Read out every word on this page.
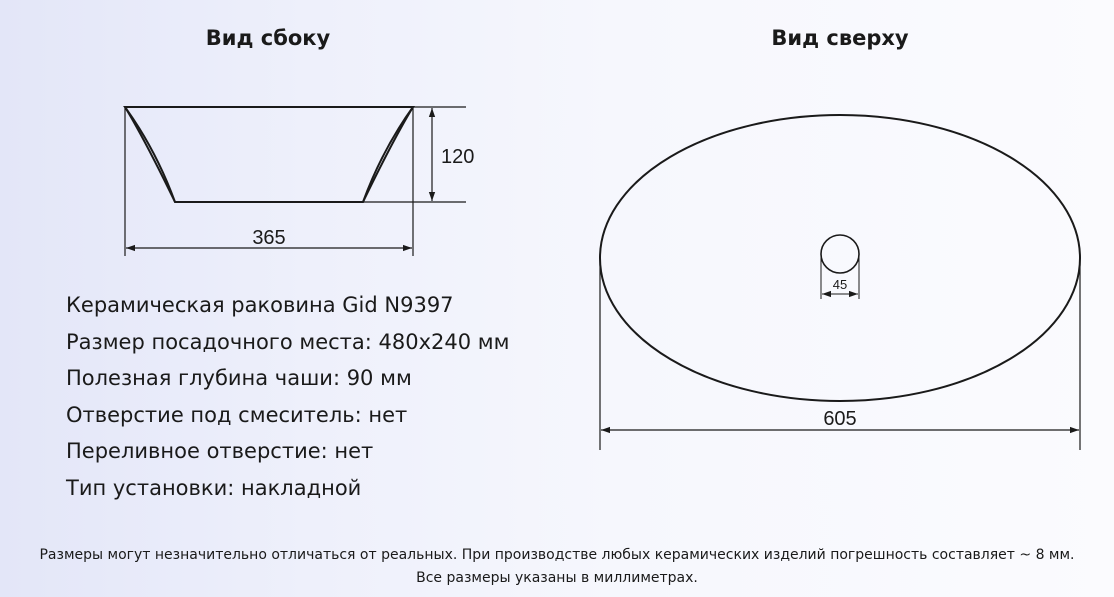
Вид сбоку	Вид сверху
120
365
45
605
Керамическая раковина Gid N9397
Размер посадочного места: 480х240 мм
Полезная глубина чаши: 90 мм
Отверстие под смеситель: нет
Переливное отверстие: нет
Тип установки: накладной
Размеры могут незначительно отличаться от реальных. При производстве любых керамических изделий погрешность составляет ~ 8 мм.
Все размеры указаны в миллиметрах.
